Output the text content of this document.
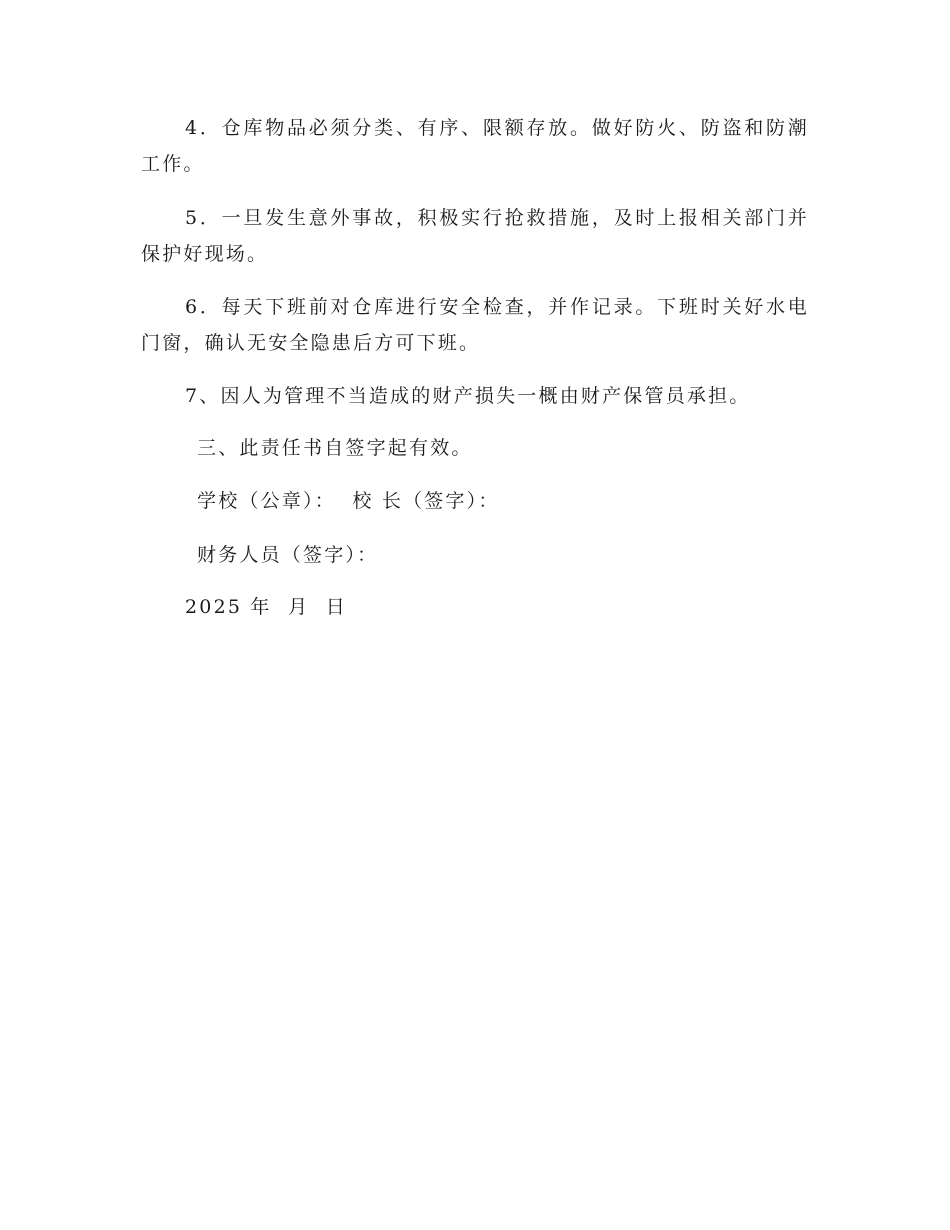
4．仓库物品必须分类、有序、限额存放。做好防火、防盗和防潮工作。

5．一旦发生意外事故，积极实行抢救措施，及时上报相关部门并保护好现场。

6．每天下班前对仓库进行安全检查，并作记录。下班时关好水电门窗，确认无安全隐患后方可下班。

7、因人为管理不当造成的财产损失一概由财产保管员承担。

三、此责任书自签字起有效。

学校（公章）：  校 长（签字）：

财务人员（签字）：

2025 年  月  日
